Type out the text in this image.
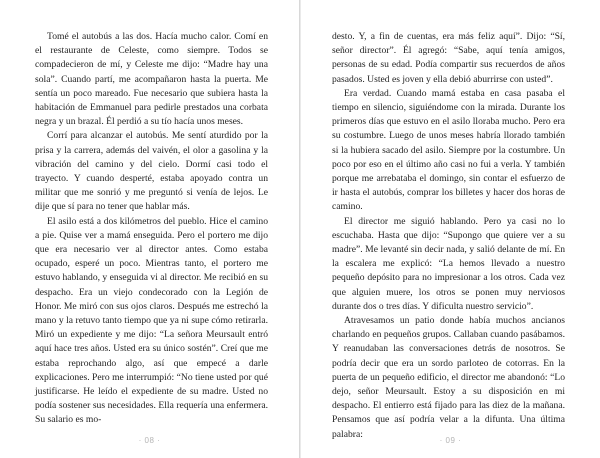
Tomé el autobús a las dos. Hacía mucho calor. Comí en el restaurante de Celeste, como siempre. Todos se compadecieron de mí, y Celeste me dijo: “Madre hay una sola”. Cuando partí, me acompañaron hasta la puerta. Me sentía un poco mareado. Fue necesario que subiera hasta la habitación de Emmanuel para pedirle prestados una corbata negra y un brazal. Él perdió a su tío hacía unos meses.

Corrí para alcanzar el autobús. Me sentí aturdido por la prisa y la carrera, además del vaivén, el olor a gasolina y la vibración del camino y del cielo. Dormí casi todo el trayecto. Y cuando desperté, estaba apoyado contra un militar que me sonrió y me preguntó si venía de lejos. Le dije que sí para no tener que hablar más.

El asilo está a dos kilómetros del pueblo. Hice el camino a pie. Quise ver a mamá enseguida. Pero el portero me dijo que era necesario ver al director antes. Como estaba ocupado, esperé un poco. Mientras tanto, el portero me estuvo hablando, y enseguida vi al director. Me recibió en su despacho. Era un viejo condecorado con la Legión de Honor. Me miró con sus ojos claros. Después me estrechó la mano y la retuvo tanto tiempo que ya ni supe cómo retirarla. Miró un expediente y me dijo: “La señora Meursault entró aquí hace tres años. Usted era su único sostén”. Creí que me estaba reprochando algo, así que empecé a darle explicaciones. Pero me interrumpió: “No tiene usted por qué justificarse. He leído el expediente de su madre. Usted no podía sostener sus necesidades. Ella requería una enfermera. Su salario es mo-

· 08 ·

desto. Y, a fin de cuentas, era más feliz aquí”. Dijo: “Sí, señor director”. Él agregó: “Sabe, aquí tenía amigos, personas de su edad. Podía compartir sus recuerdos de años pasados. Usted es joven y ella debió aburrirse con usted”.

Era verdad. Cuando mamá estaba en casa pasaba el tiempo en silencio, siguiéndome con la mirada. Durante los primeros días que estuvo en el asilo lloraba mucho. Pero era su costumbre. Luego de unos meses habría llorado también si la hubiera sacado del asilo. Siempre por la costumbre. Un poco por eso en el último año casi no fui a verla. Y también porque me arrebataba el domingo, sin contar el esfuerzo de ir hasta el autobús, comprar los billetes y hacer dos horas de camino.

El director me siguió hablando. Pero ya casi no lo escuchaba. Hasta que dijo: “Supongo que quiere ver a su madre”. Me levanté sin decir nada, y salió delante de mí. En la escalera me explicó: “La hemos llevado a nuestro pequeño depósito para no impresionar a los otros. Cada vez que alguien muere, los otros se ponen muy nerviosos durante dos o tres días. Y dificulta nuestro servicio”.

Atravesamos un patio donde había muchos ancianos charlando en pequeños grupos. Callaban cuando pasábamos. Y reanudaban las conversaciones detrás de nosotros. Se podría decir que era un sordo parloteo de cotorras. En la puerta de un pequeño edificio, el director me abandonó: “Lo dejo, señor Meursault. Estoy a su disposición en mi despacho. El entierro está fijado para las diez de la mañana. Pensamos que así podría velar a la difunta. Una última palabra:

· 09 ·
